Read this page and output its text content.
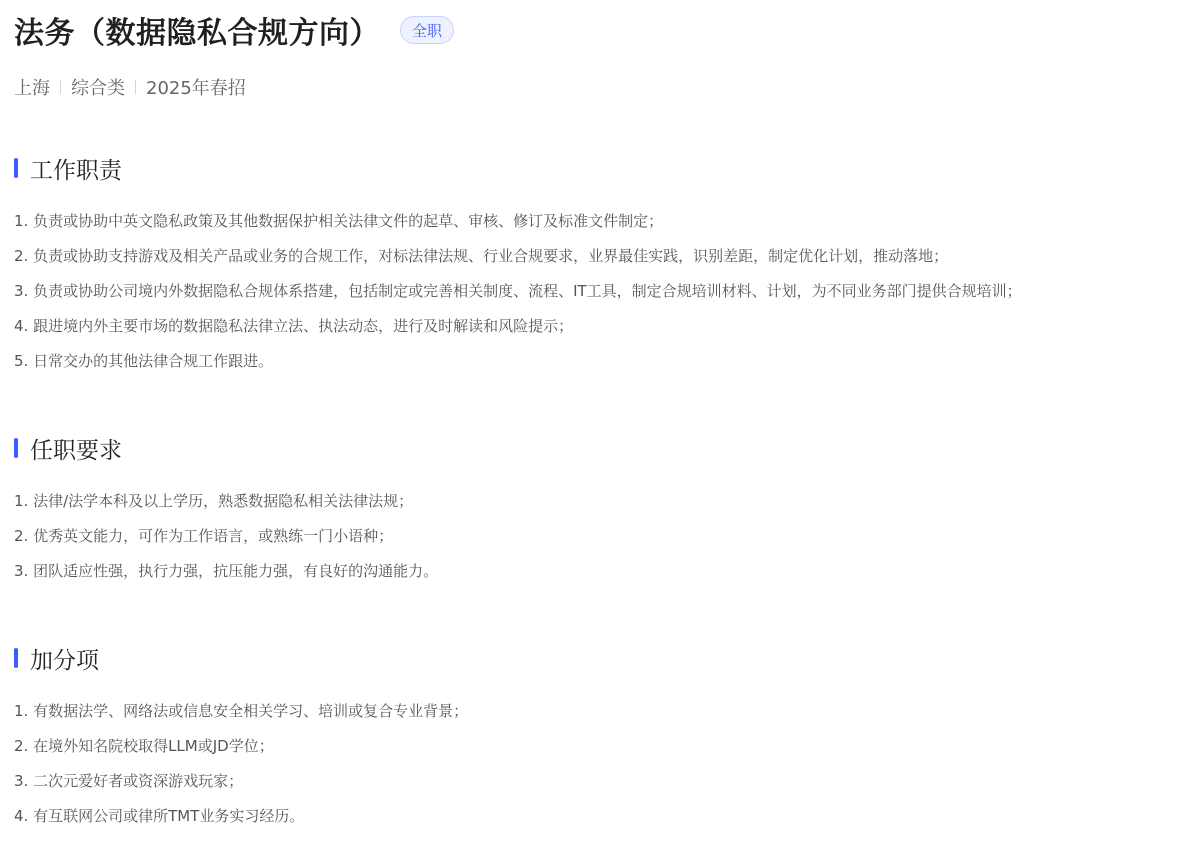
法务（数据隐私合规方向）	全职
上海 综合类 2025年春招
工作职责
1. 负责或协助中英文隐私政策及其他数据保护相关法律文件的起草、审核、修订及标准文件制定；
2. 负责或协助支持游戏及相关产品或业务的合规工作，对标法律法规、行业合规要求，业界最佳实践，识别差距，制定优化计划，推动落地；
3. 负责或协助公司境内外数据隐私合规体系搭建，包括制定或完善相关制度、流程、IT工具，制定合规培训材料、计划，为不同业务部门提供合规培训；
4. 跟进境内外主要市场的数据隐私法律立法、执法动态，进行及时解读和风险提示；
5. 日常交办的其他法律合规工作跟进。
任职要求
1. 法律/法学本科及以上学历，熟悉数据隐私相关法律法规；
2. 优秀英文能力，可作为工作语言，或熟练一门小语种；
3. 团队适应性强，执行力强，抗压能力强，有良好的沟通能力。
加分项
1. 有数据法学、网络法或信息安全相关学习、培训或复合专业背景；
2. 在境外知名院校取得LLM或JD学位；
3. 二次元爱好者或资深游戏玩家；
4. 有互联网公司或律所TMT业务实习经历。
